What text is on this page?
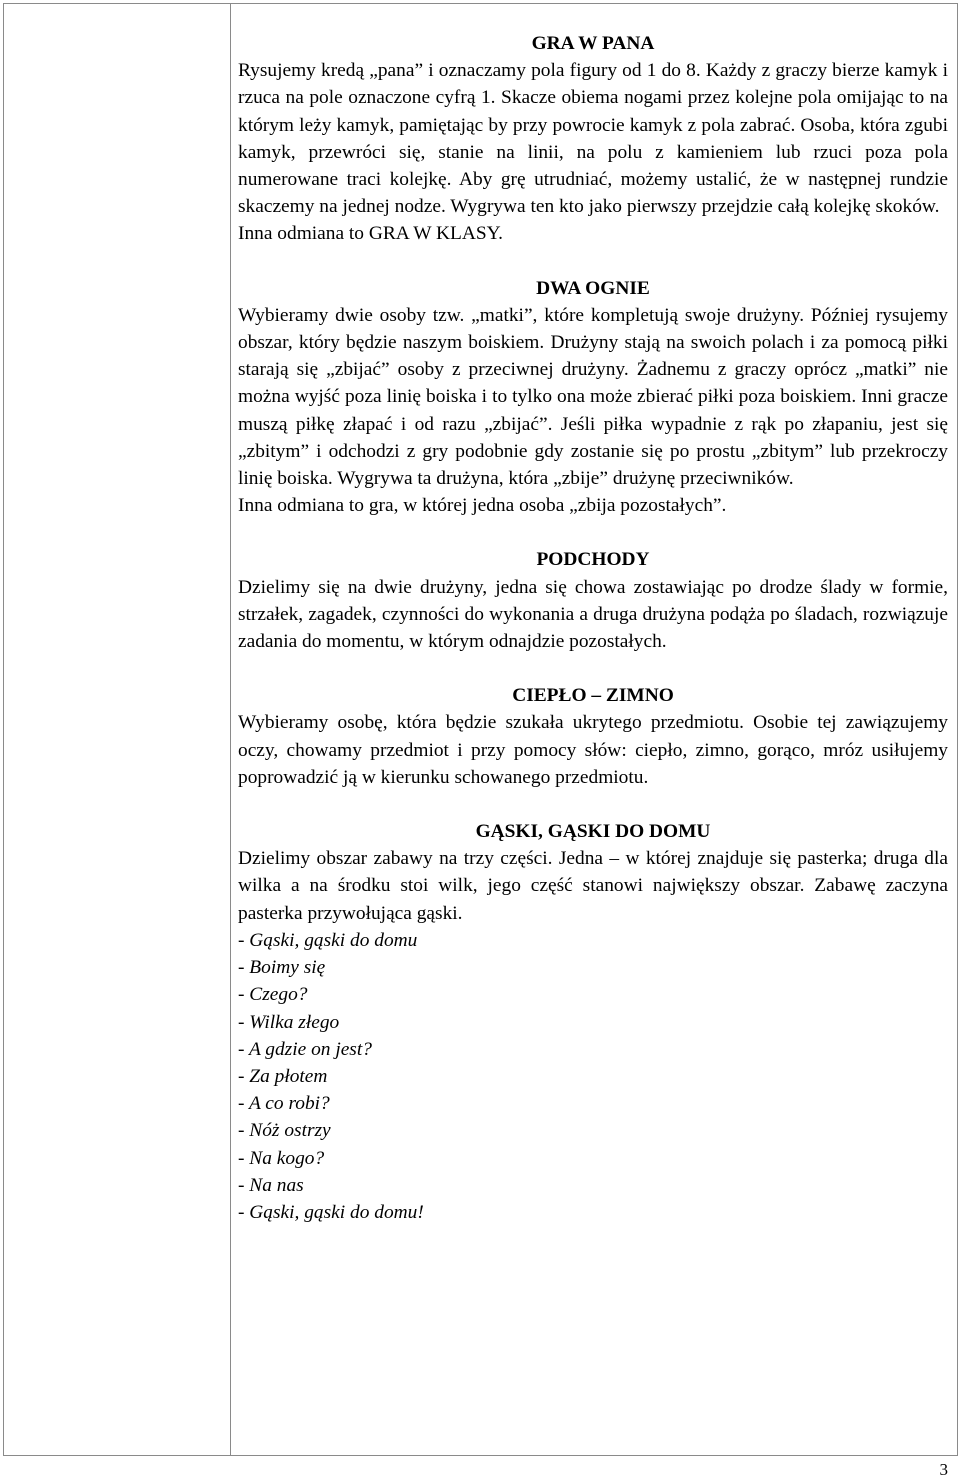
GRA W PANA

Rysujemy kredą „pana” i oznaczamy pola figury od 1 do 8. Każdy z graczy bierze kamyk i rzuca na pole oznaczone cyfrą 1. Skacze obiema nogami przez kolejne pola omijając to na którym leży kamyk, pamiętając by przy powrocie kamyk z pola zabrać. Osoba, która zgubi kamyk, przewróci się, stanie na linii, na polu z kamieniem lub rzuci poza pola numerowane traci kolejkę. Aby grę utrudniać, możemy ustalić, że w następnej rundzie skaczemy na jednej nodze. Wygrywa ten kto jako pierwszy przejdzie całą kolejkę skoków.

Inna odmiana to GRA W KLASY.

DWA OGNIE

Wybieramy dwie osoby tzw. „matki”, które kompletują swoje drużyny. Później rysujemy obszar, który będzie naszym boiskiem. Drużyny stają na swoich polach i za pomocą piłki starają się „zbijać” osoby z przeciwnej drużyny. Żadnemu z graczy oprócz „matki” nie można wyjść poza linię boiska i to tylko ona może zbierać piłki poza boiskiem. Inni gracze muszą piłkę złapać i od razu „zbijać”. Jeśli piłka wypadnie z rąk po złapaniu, jest się „zbitym” i odchodzi z gry podobnie gdy zostanie się po prostu „zbitym” lub przekroczy linię boiska. Wygrywa ta drużyna, która „zbije” drużynę przeciwników.

Inna odmiana to gra, w której jedna osoba „zbija pozostałych”.

PODCHODY

Dzielimy się na dwie drużyny, jedna się chowa zostawiając po drodze ślady w formie, strzałek, zagadek, czynności do wykonania a druga drużyna podąża po śladach, rozwiązuje zadania do momentu, w którym odnajdzie pozostałych.

CIEPŁO – ZIMNO

Wybieramy osobę, która będzie szukała ukrytego przedmiotu. Osobie tej zawiązujemy oczy, chowamy przedmiot i przy pomocy słów: ciepło, zimno, gorąco, mróz usiłujemy poprowadzić ją w kierunku schowanego przedmiotu.

GĄSKI, GĄSKI DO DOMU

Dzielimy obszar zabawy na trzy części. Jedna – w której znajduje się pasterka; druga dla wilka a na środku stoi wilk, jego część stanowi największy obszar. Zabawę zaczyna pasterka przywołująca gąski.

- Gąski, gąski do domu

- Boimy się

- Czego?

- Wilka złego

- A gdzie on jest?

- Za płotem

- A co robi?

- Nóż ostrzy

- Na kogo?

- Na nas

- Gąski, gąski do domu!

3
